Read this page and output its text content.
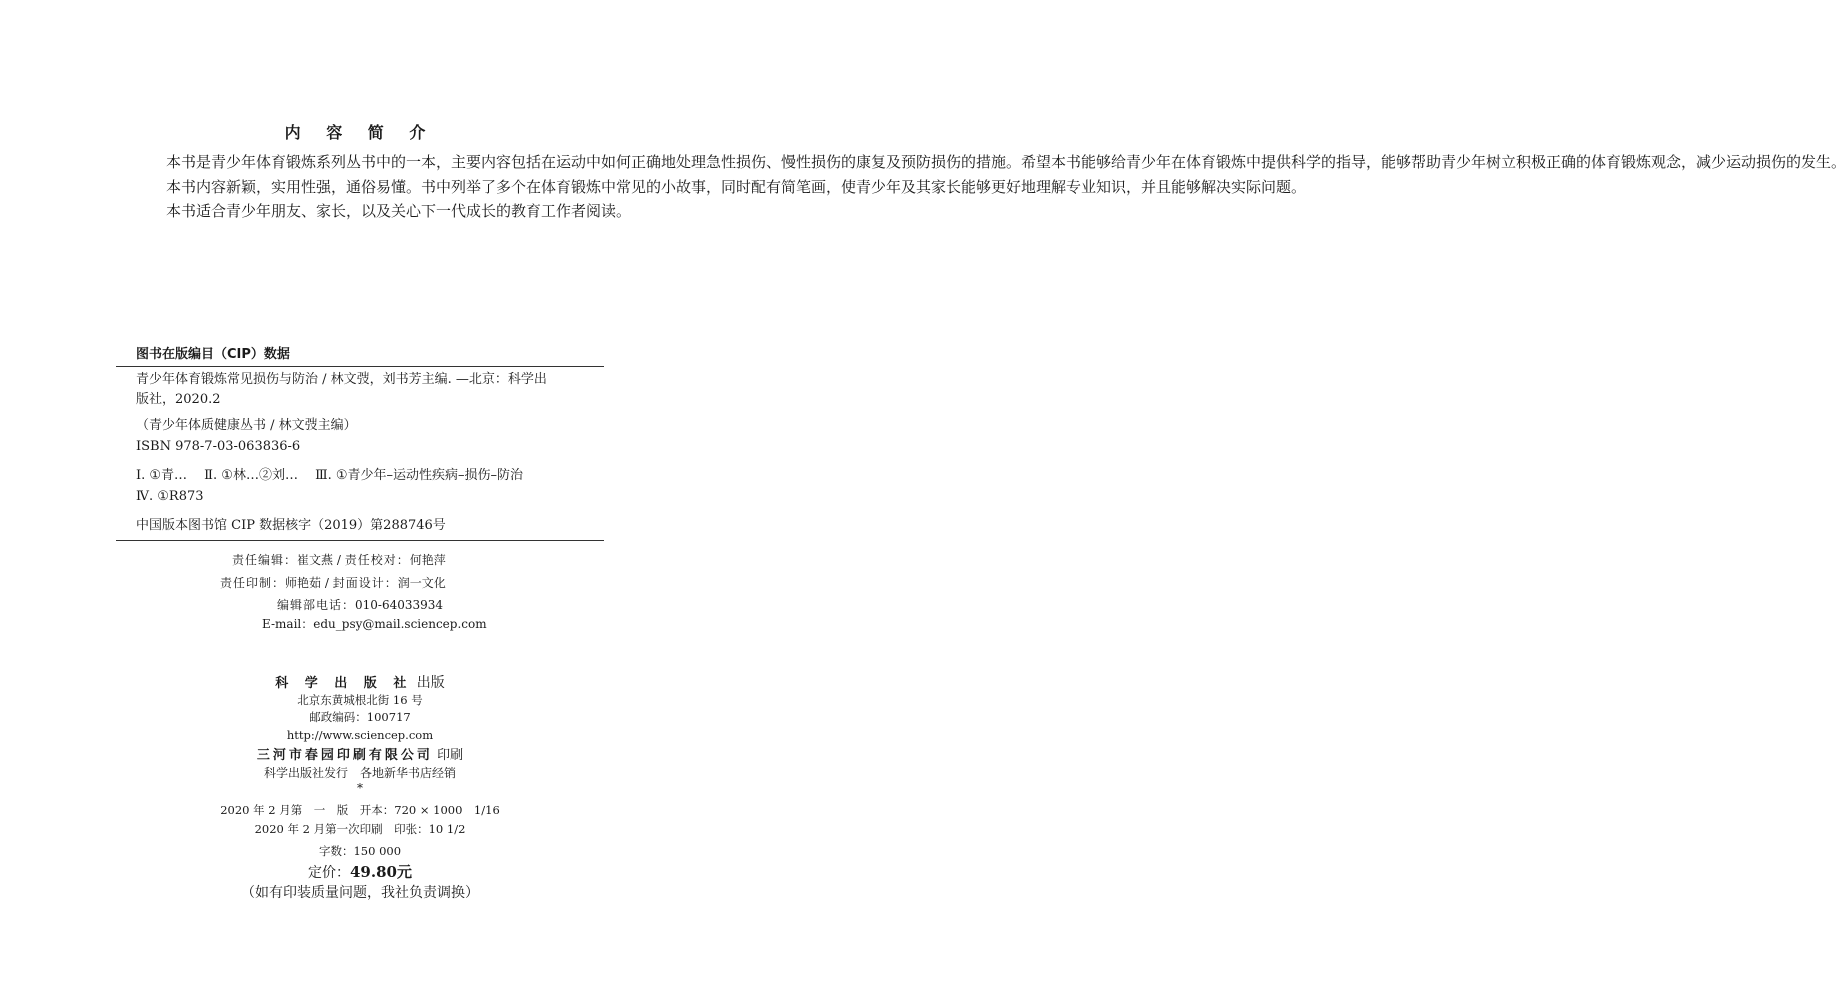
内 容 简 介

本书是青少年体育锻炼系列丛书中的一本，主要内容包括在运动中如何正确地处理急性损伤、慢性损伤的康复及预防损伤的措施。希望本书能够给青少年在体育锻炼中提供科学的指导，能够帮助青少年树立积极正确的体育锻炼观念，减少运动损伤的发生。

本书内容新颖，实用性强，通俗易懂。书中列举了多个在体育锻炼中常见的小故事，同时配有简笔画，使青少年及其家长能够更好地理解专业知识，并且能够解决实际问题。

本书适合青少年朋友、家长，以及关心下一代成长的教育工作者阅读。

图书在版编目（CIP）数据
青少年体育锻炼常见损伤与防治 / 林文弢，刘书芳主编. —北京：科学出
版社，2020.2
（青少年体质健康丛书 / 林文弢主编）
ISBN 978-7-03-063836-6
Ⅰ. ①青…　 Ⅱ. ①林…②刘…　 Ⅲ. ①青少年–运动性疾病–损伤–防治
Ⅳ. ①R873
中国版本图书馆 CIP 数据核字（2019）第288746号
责任编辑：崔文燕 / 责任校对：何艳萍
责任印制：师艳茹 / 封面设计：润一文化
编辑部电话：010-64033934
E-mail：edu_psy@mail.sciencep.com
科 学 出 版 社 出版
北京东黄城根北街 16 号
邮政编码：100717
http://www.sciencep.com
三河市春园印刷有限公司 印刷
科学出版社发行　各地新华书店经销
*
2020 年 2 月第　一　版　开本：720 × 1000　1/16
2020 年 2 月第一次印刷　印张：10 1/2
字数：150 000
定价：49.80元
（如有印装质量问题，我社负责调换）
